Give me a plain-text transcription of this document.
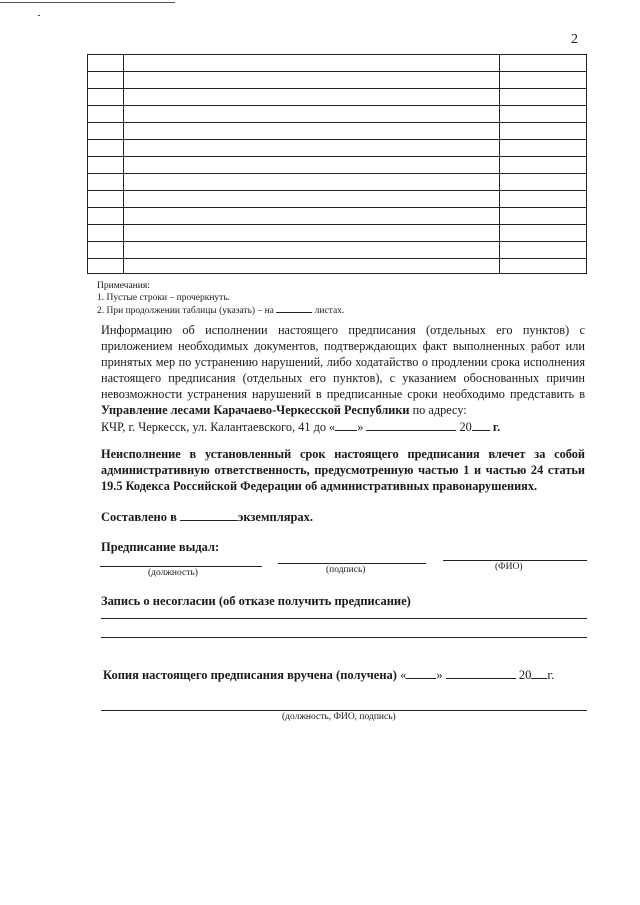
2
Примечания:
1. Пустые строки – прочеркнуть.
2. При продолжении таблицы (указать) – на	листах.
Информацию об исполнении настоящего предписания (отдельных его пунктов) с приложением необходимых документов, подтверждающих факт выполненных работ или принятых мер по устранению нарушений, либо ходатайство о продлении срока исполнения настоящего предписания (отдельных его пунктов), с указанием обоснованных причин невозможности устранения нарушений в предписанные сроки необходимо представить в Управление лесами Карачаево-Черкесской Республики по адресу:
КЧР, г. Черкесск, ул. Калантаевского, 41 до « »	20 г.
Неисполнение в установленный срок настоящего предписания влечет за собой административную ответственность, предусмотренную частью 1 и частью 24 статьи 19.5 Кодекса Российской Федерации об административных правонарушениях.
Составлено в	экземплярах.
Предписание выдал:
(должность)	(подпись)	(ФИО)
Запись о несогласии (об отказе получить предписание)
Копия настоящего предписания вручена (получена) « »	20 г.
(должность, ФИО, подпись)
